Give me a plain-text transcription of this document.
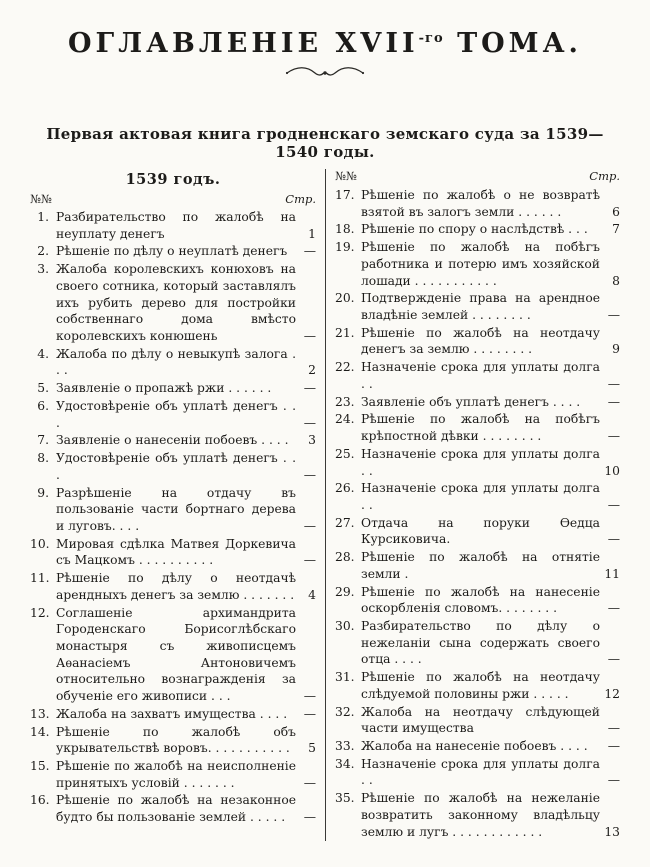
ОГЛАВЛЕНІЕ $XVII^{-го}$ ТОМА.
Первая актовая книга гродненскаго земскаго суда за 1539—1540 годы.
1539 годъ.
№№	Стр.
1. Разбирательство по жалобѣ на неуплату денегъ	1
2. Рѣшеніе по дѣлу о неуплатѣ денегъ	—
3. Жалоба королевскихъ конюховъ на своего сотника, который заставлялъ ихъ рубить дерево для постройки собственнаго дома вмѣсто королевскихъ конюшень	—
4. Жалоба по дѣлу о невыкупѣ залога . . .	2
5. Заявленіе о пропажѣ ржи . . . . . .	—
6. Удостовѣреніе объ уплатѣ денегъ . . .	—
7. Заявленіе о нанесеніи побоевъ . . . .	3
8. Удостовѣреніе объ уплатѣ денегъ . . .	—
9. Разрѣшеніе на отдачу въ пользованіе части бортнаго дерева и луговъ. . . .	—
10. Мировая сдѣлка Матвея Доркевича съ Мацкомъ . . . . . . . . . .	—
11. Рѣшеніе по дѣлу о неотдачѣ арендныхъ денегъ за землю . . . . . . .	4
12. Соглашеніе архимандрита Городенскаго Борисоглѣбскаго монастыря съ живописцемъ Аѳанасіемъ Антоновичемъ относительно вознагражденія за обученіе его живописи . . .	—
13. Жалоба на захватъ имущества . . . .	—
14. Рѣшеніе по жалобѣ объ укрывательствѣ воровъ. . . . . . . . . . .	5
15. Рѣшеніе по жалобѣ на неисполненіе принятыхъ условій . . . . . . .	—
16. Рѣшеніе по жалобѣ на незаконное будто бы пользованіе землей . . . . .	—
№№	Стр.
17. Рѣшеніе по жалобѣ о не возвратѣ взятой въ залогъ земли . . . . . .	6
18. Рѣшеніе по спору о наслѣдствѣ . . .	7
19. Рѣшеніе по жалобѣ на побѣгъ работника и потерю имъ хозяйской лошади . . . . . . . . . . .	8
20. Подтвержденіе права на арендное владѣніе землей . . . . . . . .	—
21. Рѣшеніе по жалобѣ на неотдачу денегъ за землю . . . . . . . .	9
22. Назначеніе срока для уплаты долга . .	—
23. Заявленіе объ уплатѣ денегъ . . . .	—
24. Рѣшеніе по жалобѣ на побѣгъ крѣпостной дѣвки . . . . . . . .	—
25. Назначеніе срока для уплаты долга . .	10
26. Назначеніе срока для уплаты долга . .	—
27. Отдача на поруки Ѳедца Курсиковича.	—
28. Рѣшеніе по жалобѣ на отнятіе земли .	11
29. Рѣшеніе по жалобѣ на нанесеніе оскорбленія словомъ. . . . . . . .	—
30. Разбирательство по дѣлу о нежеланіи сына содержать своего отца . . . .	—
31. Рѣшеніе по жалобѣ на неотдачу слѣдуемой половины ржи . . . . .	12
32. Жалоба на неотдачу слѣдующей части имущества	—
33. Жалоба на нанесеніе побоевъ . . . .	—
34. Назначеніе срока для уплаты долга . .	—
35. Рѣшеніе по жалобѣ на нежеланіе возвратить законному владѣльцу землю и лугъ . . . . . . . . . . . .	13
